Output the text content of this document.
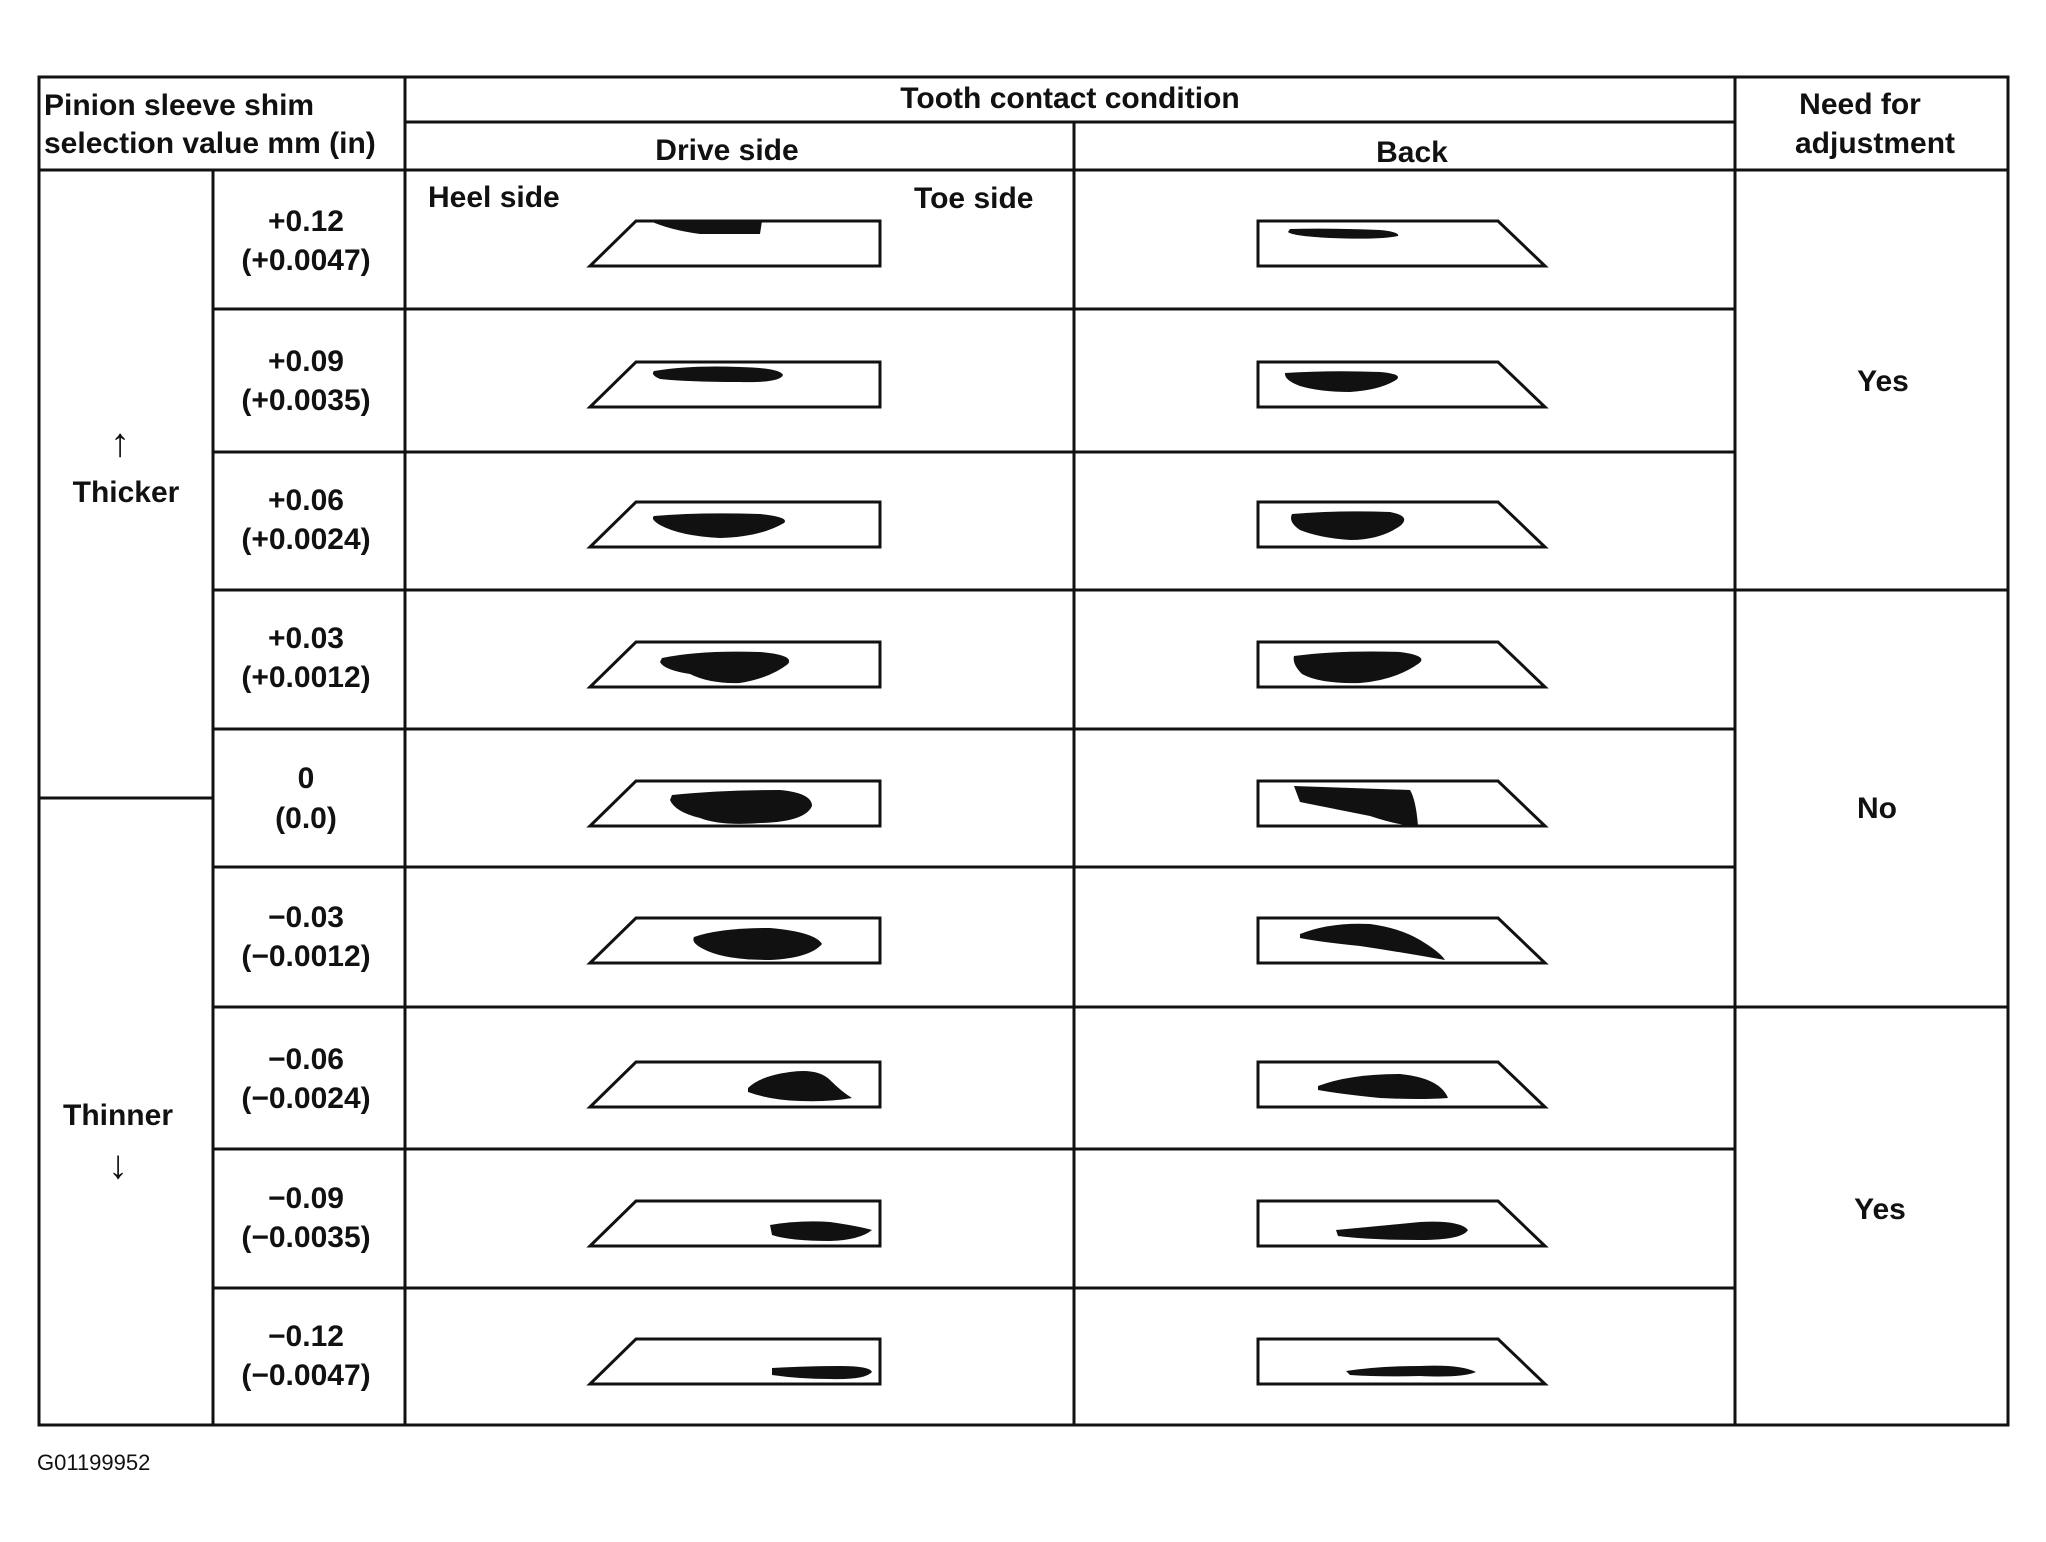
Pinion sleeve shim
selection value mm (in)
Tooth contact condition
Drive side	Back
Need for
adjustment
Heel side	Toe side
↑
Thicker
Thinner
↓
+0.12
(+0.0047)
+0.09
(+0.0035)
+0.06
(+0.0024)
+0.03
(+0.0012)
0
(0.0)
−0.03
(−0.0012)
−0.06
(−0.0024)
−0.09
(−0.0035)
−0.12
(−0.0047)
Yes
No
Yes
G01199952
